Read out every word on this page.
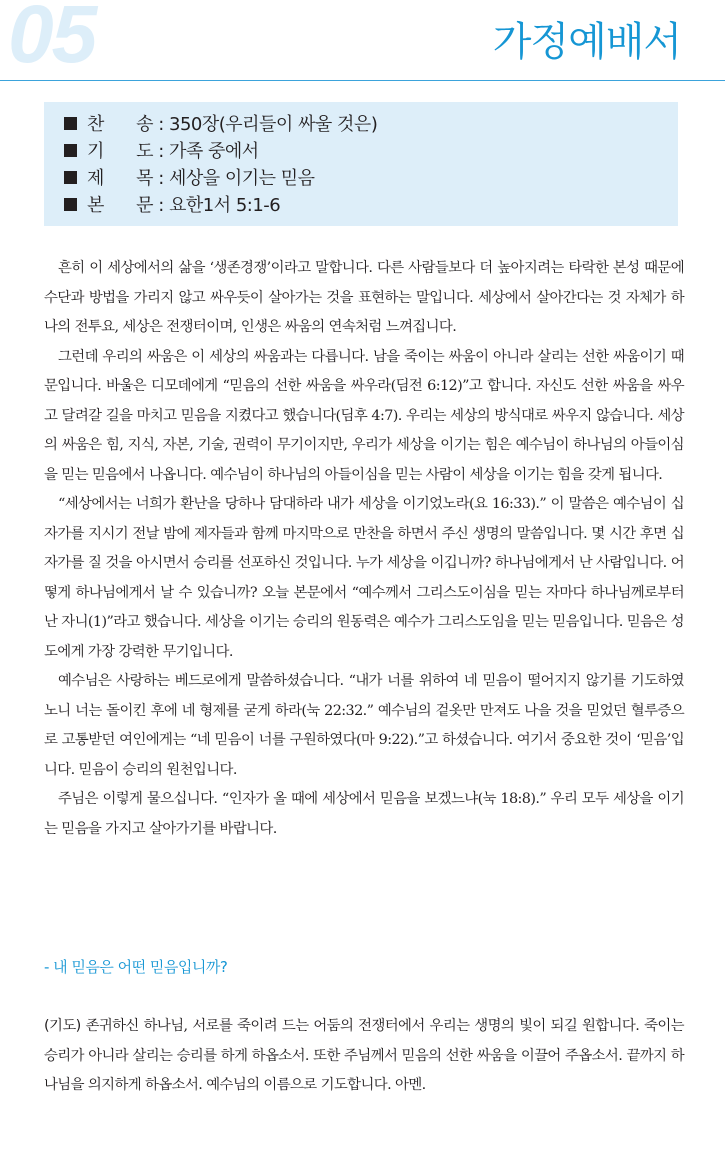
05	가정예배서
찬 송 : 350장(우리들이 싸울 것은)
기 도 : 가족 중에서
제 목 : 세상을 이기는 믿음
본 문 : 요한1서 5:1-6

흔히 이 세상에서의 삶을 ‘생존경쟁’이라고 말합니다. 다른 사람들보다 더 높아지려는 타락한 본성 때문에 수단과 방법을 가리지 않고 싸우듯이 살아가는 것을 표현하는 말입니다. 세상에서 살아간다는 것 자체가 하나의 전투요, 세상은 전쟁터이며, 인생은 싸움의 연속처럼 느껴집니다.

그런데 우리의 싸움은 이 세상의 싸움과는 다릅니다. 남을 죽이는 싸움이 아니라 살리는 선한 싸움이기 때문입니다. 바울은 디모데에게 “믿음의 선한 싸움을 싸우라(딤전 6:12)”고 합니다. 자신도 선한 싸움을 싸우고 달려갈 길을 마치고 믿음을 지켰다고 했습니다(딤후 4:7). 우리는 세상의 방식대로 싸우지 않습니다. 세상의 싸움은 힘, 지식, 자본, 기술, 권력이 무기이지만, 우리가 세상을 이기는 힘은 예수님이 하나님의 아들이심을 믿는 믿음에서 나옵니다. 예수님이 하나님의 아들이심을 믿는 사람이 세상을 이기는 힘을 갖게 됩니다.

“세상에서는 너희가 환난을 당하나 담대하라 내가 세상을 이기었노라(요 16:33).” 이 말씀은 예수님이 십자가를 지시기 전날 밤에 제자들과 함께 마지막으로 만찬을 하면서 주신 생명의 말씀입니다. 몇 시간 후면 십자가를 질 것을 아시면서 승리를 선포하신 것입니다. 누가 세상을 이깁니까? 하나님에게서 난 사람입니다. 어떻게 하나님에게서 날 수 있습니까? 오늘 본문에서 “예수께서 그리스도이심을 믿는 자마다 하나님께로부터 난 자니(1)”라고 했습니다. 세상을 이기는 승리의 원동력은 예수가 그리스도임을 믿는 믿음입니다. 믿음은 성도에게 가장 강력한 무기입니다.

예수님은 사랑하는 베드로에게 말씀하셨습니다. “내가 너를 위하여 네 믿음이 떨어지지 않기를 기도하였노니 너는 돌이킨 후에 네 형제를 굳게 하라(눅 22:32.” 예수님의 겉옷만 만져도 나을 것을 믿었던 혈루증으로 고통받던 여인에게는 “네 믿음이 너를 구원하였다(마 9:22).”고 하셨습니다. 여기서 중요한 것이 ‘믿음’입니다. 믿음이 승리의 원천입니다.

주님은 이렇게 물으십니다. “인자가 올 때에 세상에서 믿음을 보겠느냐(눅 18:8).” 우리 모두 세상을 이기는 믿음을 가지고 살아가기를 바랍니다.

- 내 믿음은 어떤 믿음입니까?
(기도) 존귀하신 하나님, 서로를 죽이려 드는 어둠의 전쟁터에서 우리는 생명의 빛이 되길 원합니다. 죽이는 승리가 아니라 살리는 승리를 하게 하옵소서. 또한 주님께서 믿음의 선한 싸움을 이끌어 주옵소서. 끝까지 하나님을 의지하게 하옵소서. 예수님의 이름으로 기도합니다. 아멘.
